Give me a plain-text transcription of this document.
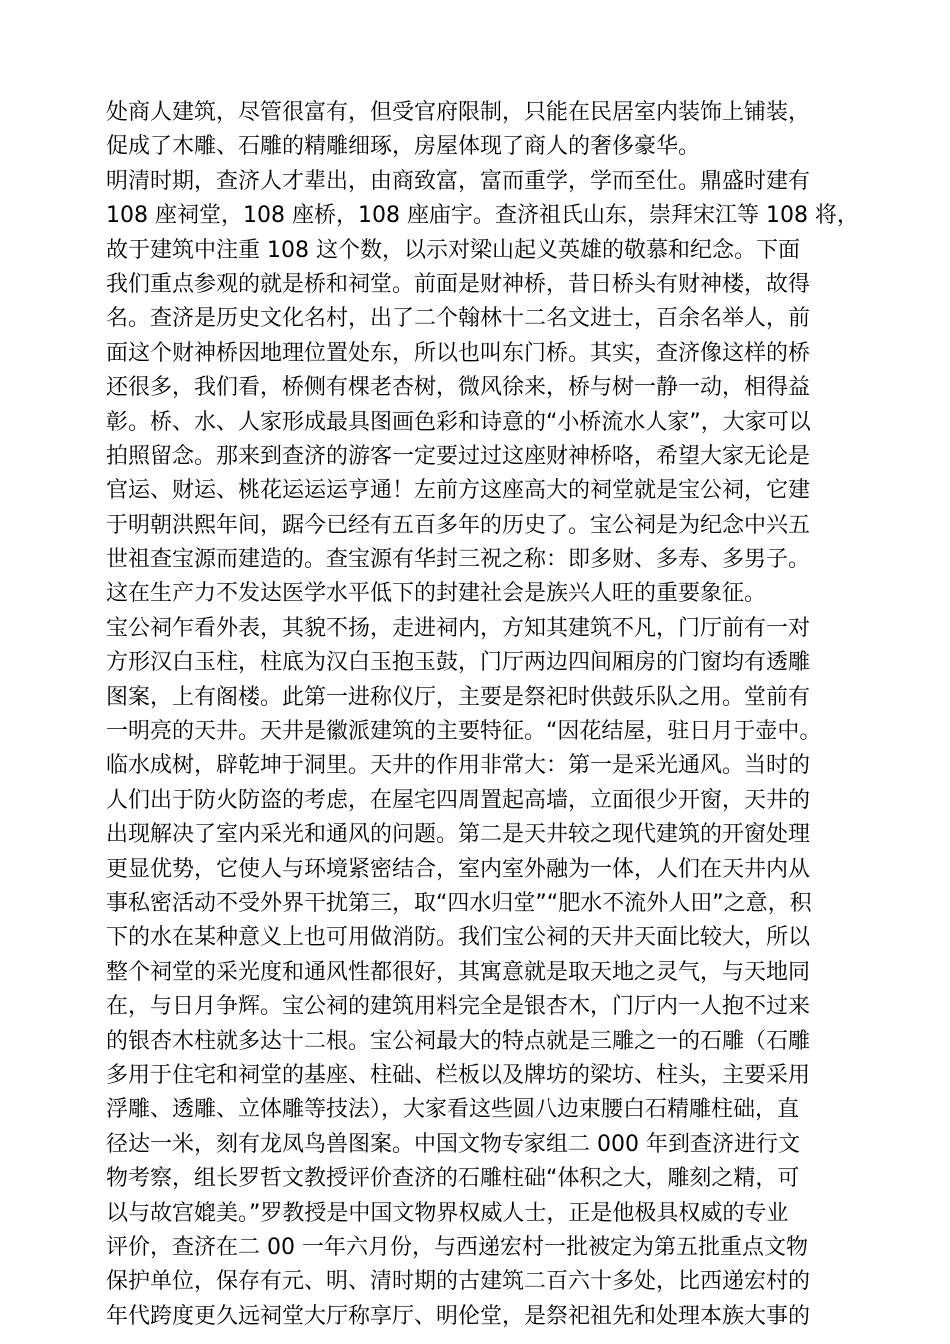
处商人建筑，尽管很富有，但受官府限制，只能在民居室内装饰上铺装，
促成了木雕、石雕的精雕细琢，房屋体现了商人的奢侈豪华。
明清时期，查济人才辈出，由商致富，富而重学，学而至仕。鼎盛时建有
108 座祠堂，108 座桥，108 座庙宇。查济祖氏山东，崇拜宋江等 108 将，
故于建筑中注重 108 这个数，以示对梁山起义英雄的敬慕和纪念。下面
我们重点参观的就是桥和祠堂。前面是财神桥，昔日桥头有财神楼，故得
名。查济是历史文化名村，出了二个翰林十二名文进士，百余名举人，前
面这个财神桥因地理位置处东，所以也叫东门桥。其实，查济像这样的桥
还很多，我们看，桥侧有棵老杏树，微风徐来，桥与树一静一动，相得益
彰。桥、水、人家形成最具图画色彩和诗意的“小桥流水人家”，大家可以
拍照留念。那来到查济的游客一定要过过这座财神桥咯，希望大家无论是
官运、财运、桃花运运运亨通！左前方这座高大的祠堂就是宝公祠，它建
于明朝洪熙年间，踞今已经有五百多年的历史了。宝公祠是为纪念中兴五
世祖查宝源而建造的。查宝源有华封三祝之称：即多财、多寿、多男子。
这在生产力不发达医学水平低下的封建社会是族兴人旺的重要象征。
宝公祠乍看外表，其貌不扬，走进祠内，方知其建筑不凡，门厅前有一对
方形汉白玉柱，柱底为汉白玉抱玉鼓，门厅两边四间厢房的门窗均有透雕
图案，上有阁楼。此第一进称仪厅，主要是祭祀时供鼓乐队之用。堂前有
一明亮的天井。天井是徽派建筑的主要特征。“因花结屋，驻日月于壶中。
临水成树，辟乾坤于洞里。天井的作用非常大：第一是采光通风。当时的
人们出于防火防盗的考虑，在屋宅四周置起高墙，立面很少开窗，天井的
出现解决了室内采光和通风的问题。第二是天井较之现代建筑的开窗处理
更显优势，它使人与环境紧密结合，室内室外融为一体，人们在天井内从
事私密活动不受外界干扰第三，取“四水归堂”“肥水不流外人田”之意，积
下的水在某种意义上也可用做消防。我们宝公祠的天井天面比较大，所以
整个祠堂的采光度和通风性都很好，其寓意就是取天地之灵气，与天地同
在，与日月争辉。宝公祠的建筑用料完全是银杏木，门厅内一人抱不过来
的银杏木柱就多达十二根。宝公祠最大的特点就是三雕之一的石雕（石雕
多用于住宅和祠堂的基座、柱础、栏板以及牌坊的梁坊、柱头，主要采用
浮雕、透雕、立体雕等技法），大家看这些圆八边束腰白石精雕柱础，直
径达一米，刻有龙凤鸟兽图案。中国文物专家组二 000 年到查济进行文
物考察，组长罗哲文教授评价查济的石雕柱础“体积之大，雕刻之精，可
以与故宫媲美。”罗教授是中国文物界权威人士，正是他极具权威的专业
评价，查济在二 00 一年六月份，与西递宏村一批被定为第五批重点文物
保护单位，保存有元、明、清时期的古建筑二百六十多处，比西递宏村的
年代跨度更久远祠堂大厅称享厅、明伦堂，是祭祀祖先和处理本族大事的
